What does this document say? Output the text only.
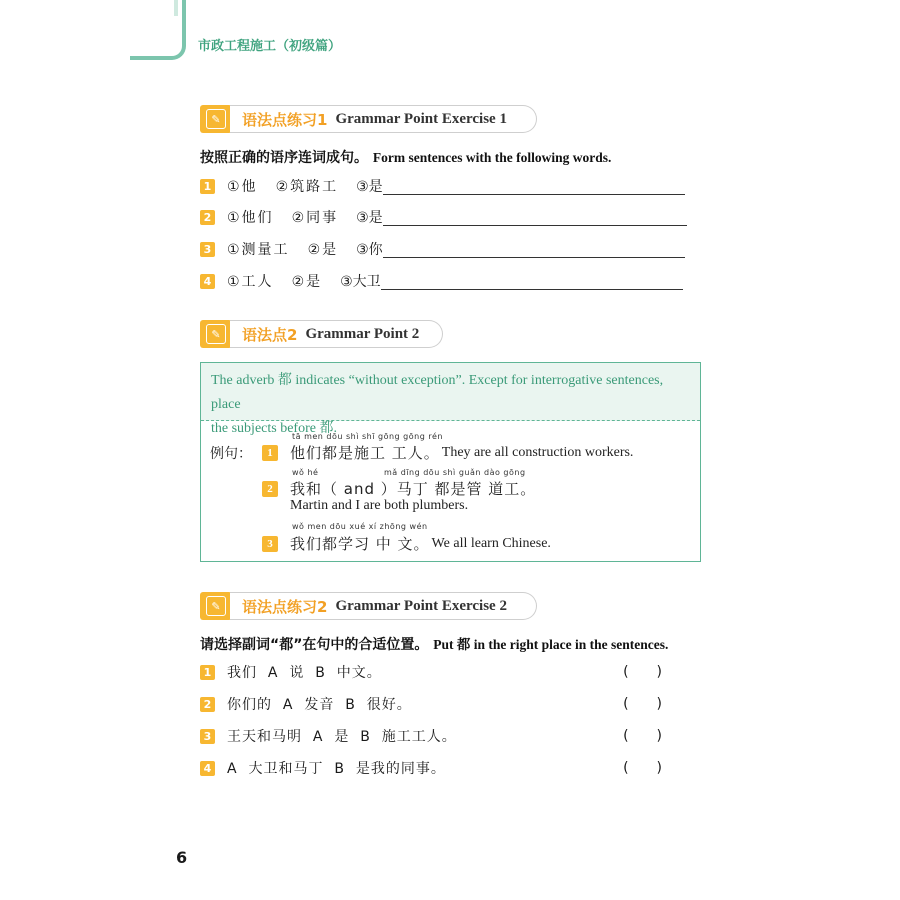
市政工程施工（初级篇）
✎	语法点练习1 Grammar Point Exercise 1
按照正确的语序连词成句。 Form sentences with the following words.
1 ①他 ②筑路工 ③是
2 ①他们 ②同事 ③是
3 ①测量工 ②是 ③你
4 ①工人 ②是 ③大卫
✎	语法点2 Grammar Point 2
The adverb 都 indicates “without exception”. Except for interrogative sentences, place
the subjects before 都.
tā men dōu shì shī gōng gōng rén
例句：	1	他们都是施工 工人。 They are all construction workers.
wǒ hé	mǎ dīng dōu shì guǎn dào gōng
2	我和（ and ）马丁 都是管 道工。
Martin and I are both plumbers.
wǒ men dōu xué xí zhōng wén
3	我们都学习 中 文。 We all learn Chinese.
✎	语法点练习2 Grammar Point Exercise 2
请选择副词“都”在句中的合适位置。 Put 都 in the right place in the sentences.
1 我们  A  说  B  中文。	()
2 你们的  A  发音  B  很好。	()
3 王天和马明  A  是  B  施工工人。	()
4 A  大卫和马丁  B  是我的同事。	()
6
